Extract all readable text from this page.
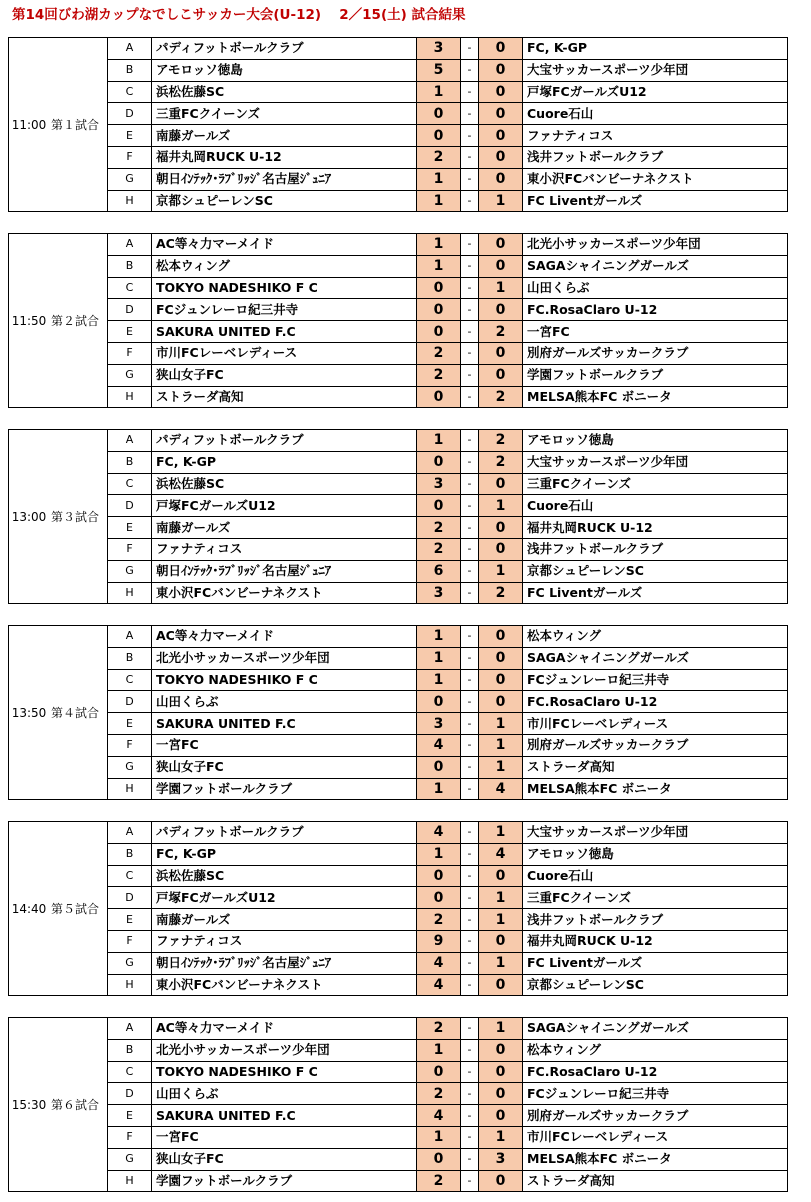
第14回びわ湖カップなでしこサッカー大会(U-12)　 2／15(土) 試合結果
11:00	第１試合	A	パディフットボールクラブ	3	-	0	FC, K-GP
		B	アモロッソ徳島	5	-	0	大宝サッカースポーツ少年団
		C	浜松佐藤SC	1	-	0	戸塚FCガールズU12
		D	三重FCクイーンズ	0	-	0	Cuore石山
		E	南藤ガールズ	0	-	0	ファナティコス
		F	福井丸岡RUCK U-12	2	-	0	浅井フットボールクラブ
		G	朝日ｲﾝﾃｯｸ･ﾗﾌﾞﾘｯｼﾞ名古屋ｼﾞｭﾆｱ	1	-	0	東小沢FCバンビーナネクスト
		H	京都シュピーレンSC	1	-	1	FC Liventガールズ
11:50	第２試合	A	AC等々力マーメイド	1	-	0	北光小サッカースポーツ少年団
		B	松本ウィング	1	-	0	SAGAシャイニングガールズ
		C	TOKYO NADESHIKO F C	0	-	1	山田くらぶ
		D	FCジュンレーロ紀三井寺	0	-	0	FC.RosaClaro U-12
		E	SAKURA UNITED F.C	0	-	2	一宮FC
		F	市川FCレーベレディース	2	-	0	別府ガールズサッカークラブ
		G	狭山女子FC	2	-	0	学園フットボールクラブ
		H	ストラーダ高知	0	-	2	MELSA熊本FC ボニータ
13:00	第３試合	A	パディフットボールクラブ	1	-	2	アモロッソ徳島
		B	FC, K-GP	0	-	2	大宝サッカースポーツ少年団
		C	浜松佐藤SC	3	-	0	三重FCクイーンズ
		D	戸塚FCガールズU12	0	-	1	Cuore石山
		E	南藤ガールズ	2	-	0	福井丸岡RUCK U-12
		F	ファナティコス	2	-	0	浅井フットボールクラブ
		G	朝日ｲﾝﾃｯｸ･ﾗﾌﾞﾘｯｼﾞ名古屋ｼﾞｭﾆｱ	6	-	1	京都シュピーレンSC
		H	東小沢FCバンビーナネクスト	3	-	2	FC Liventガールズ
13:50	第４試合	A	AC等々力マーメイド	1	-	0	松本ウィング
		B	北光小サッカースポーツ少年団	1	-	0	SAGAシャイニングガールズ
		C	TOKYO NADESHIKO F C	1	-	0	FCジュンレーロ紀三井寺
		D	山田くらぶ	0	-	0	FC.RosaClaro U-12
		E	SAKURA UNITED F.C	3	-	1	市川FCレーベレディース
		F	一宮FC	4	-	1	別府ガールズサッカークラブ
		G	狭山女子FC	0	-	1	ストラーダ高知
		H	学園フットボールクラブ	1	-	4	MELSA熊本FC ボニータ
14:40	第５試合	A	パディフットボールクラブ	4	-	1	大宝サッカースポーツ少年団
		B	FC, K-GP	1	-	4	アモロッソ徳島
		C	浜松佐藤SC	0	-	0	Cuore石山
		D	戸塚FCガールズU12	0	-	1	三重FCクイーンズ
		E	南藤ガールズ	2	-	1	浅井フットボールクラブ
		F	ファナティコス	9	-	0	福井丸岡RUCK U-12
		G	朝日ｲﾝﾃｯｸ･ﾗﾌﾞﾘｯｼﾞ名古屋ｼﾞｭﾆｱ	4	-	1	FC Liventガールズ
		H	東小沢FCバンビーナネクスト	4	-	0	京都シュピーレンSC
15:30	第６試合	A	AC等々力マーメイド	2	-	1	SAGAシャイニングガールズ
		B	北光小サッカースポーツ少年団	1	-	0	松本ウィング
		C	TOKYO NADESHIKO F C	0	-	0	FC.RosaClaro U-12
		D	山田くらぶ	2	-	0	FCジュンレーロ紀三井寺
		E	SAKURA UNITED F.C	4	-	0	別府ガールズサッカークラブ
		F	一宮FC	1	-	1	市川FCレーベレディース
		G	狭山女子FC	0	-	3	MELSA熊本FC ボニータ
		H	学園フットボールクラブ	2	-	0	ストラーダ高知
